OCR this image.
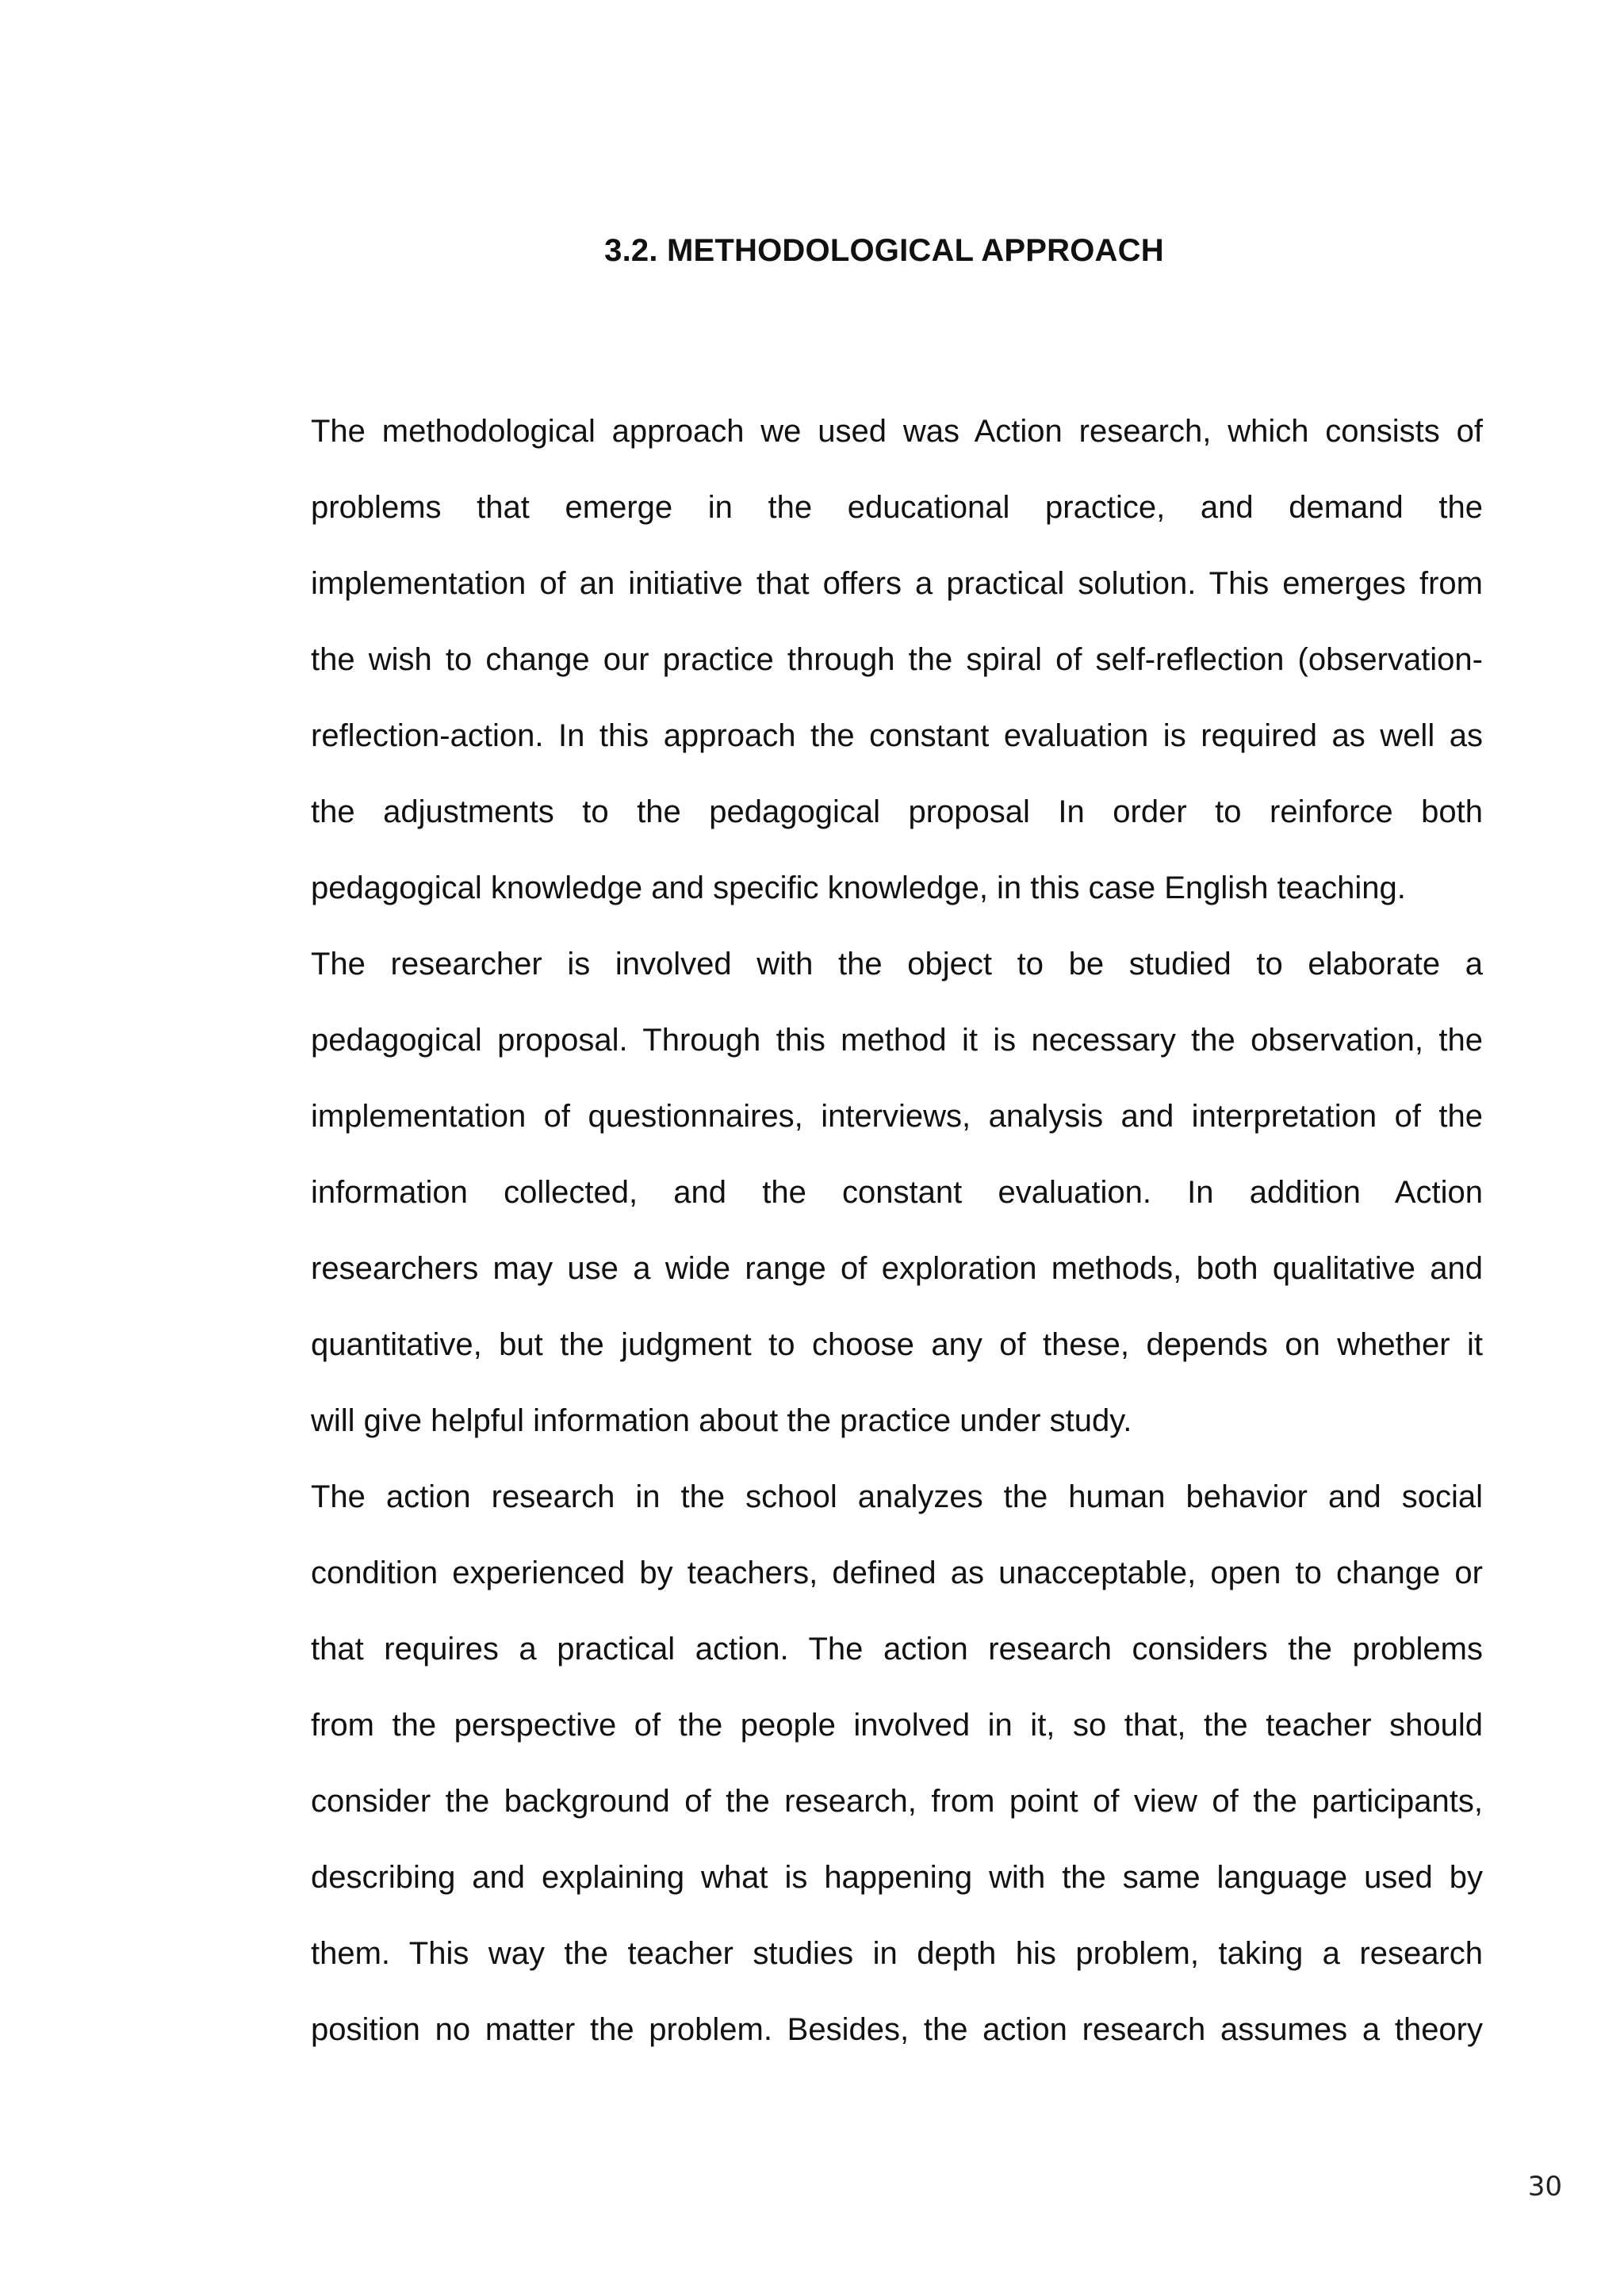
3.2. METHODOLOGICAL APPROACH
The methodological approach we used was Action research, which consists of
problems that emerge in the educational practice, and demand the
implementation of an initiative that offers a practical solution. This emerges from
the wish to change our practice through the spiral of self-reflection (observation-
reflection-action. In this approach the constant evaluation is required as well as
the adjustments to the pedagogical proposal In order to reinforce both
pedagogical knowledge and specific knowledge, in this case English teaching.
The researcher is involved with the object to be studied to elaborate a
pedagogical proposal. Through this method it is necessary the observation, the
implementation of questionnaires, interviews, analysis and interpretation of the
information collected, and the constant evaluation. In addition Action
researchers may use a wide range of exploration methods, both qualitative and
quantitative, but the judgment to choose any of these, depends on whether it
will give helpful information about the practice under study.
The action research in the school analyzes the human behavior and social
condition experienced by teachers, defined as unacceptable, open to change or
that requires a practical action. The action research considers the problems
from the perspective of the people involved in it, so that, the teacher should
consider the background of the research, from point of view of the participants,
describing and explaining what is happening with the same language used by
them. This way the teacher studies in depth his problem, taking a research
position no matter the problem. Besides, the action research assumes a theory
30
